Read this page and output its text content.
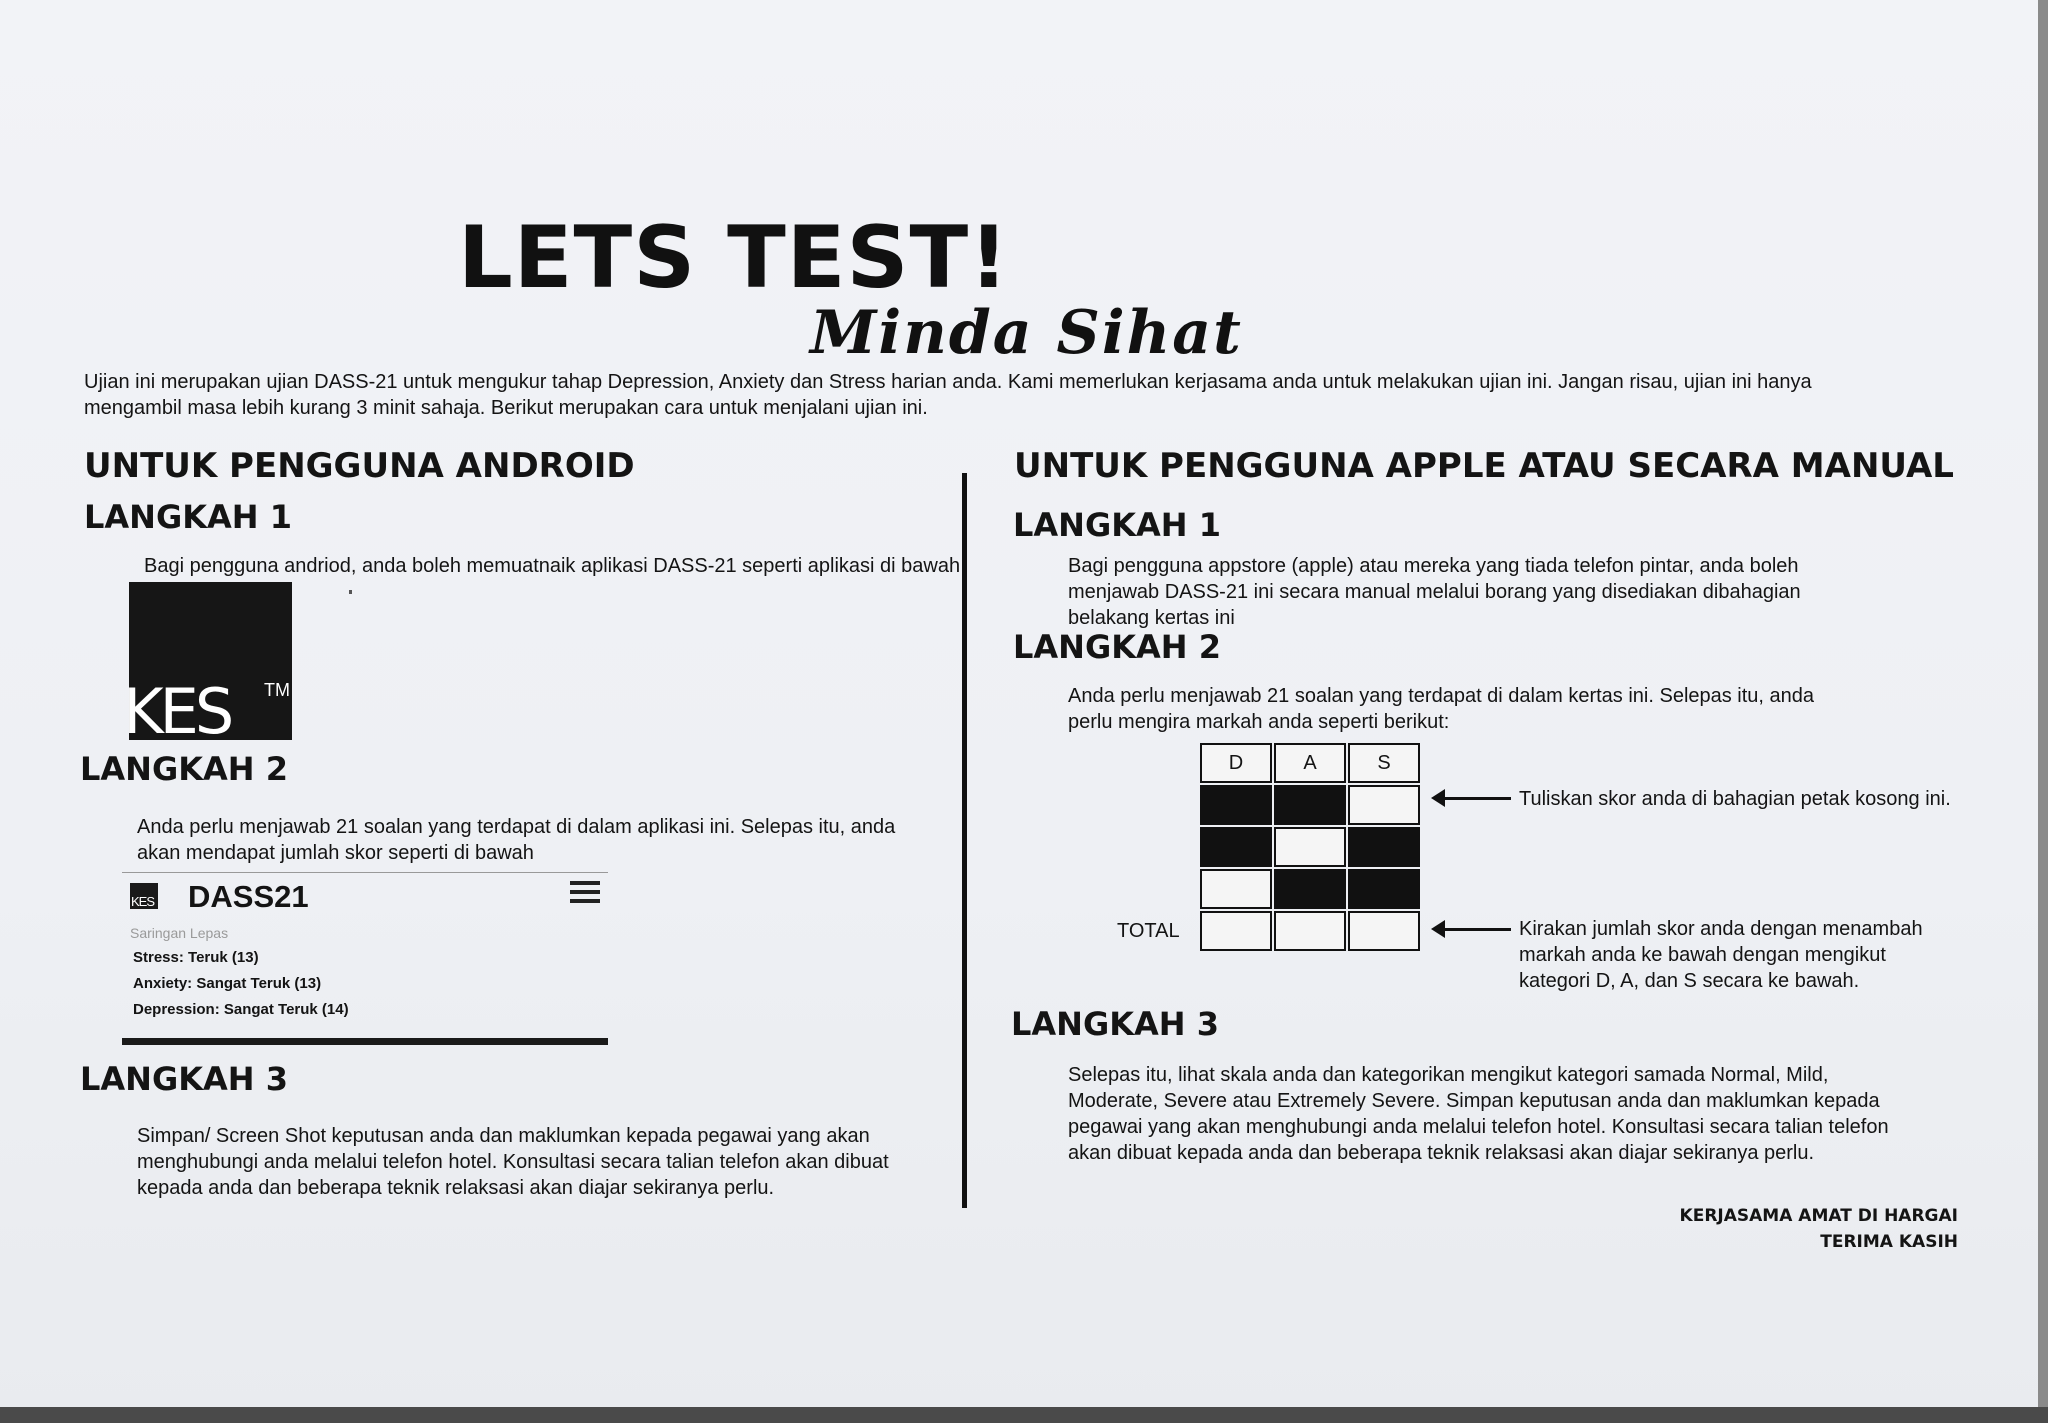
LETS TEST!
Minda Sihat
Ujian ini merupakan ujian DASS-21 untuk mengukur tahap Depression, Anxiety dan Stress harian anda. Kami memerlukan kerjasama anda untuk melakukan ujian ini. Jangan risau, ujian ini hanya mengambil masa lebih kurang 3 minit sahaja. Berikut merupakan cara untuk menjalani ujian ini.
UNTUK PENGGUNA ANDROID
LANGKAH 1
Bagi pengguna andriod, anda boleh memuatnaik aplikasi DASS-21 seperti aplikasi di bawah
KES TM
LANGKAH 2
Anda perlu menjawab 21 soalan yang terdapat di dalam aplikasi ini. Selepas itu, anda akan mendapat jumlah skor seperti di bawah
KES DASS21
Saringan Lepas
Stress: Teruk (13)
Anxiety: Sangat Teruk (13)
Depression: Sangat Teruk (14)
LANGKAH 3
Simpan/ Screen Shot keputusan anda dan maklumkan kepada pegawai yang akan menghubungi anda melalui telefon hotel. Konsultasi secara talian telefon akan dibuat kepada anda dan beberapa teknik relaksasi akan diajar sekiranya perlu.
UNTUK PENGGUNA APPLE ATAU SECARA MANUAL
LANGKAH 1
Bagi pengguna appstore (apple) atau mereka yang tiada telefon pintar, anda boleh menjawab DASS-21 ini secara manual melalui borang yang disediakan dibahagian belakang kertas ini
LANGKAH 2
Anda perlu menjawab 21 soalan yang terdapat di dalam kertas ini. Selepas itu, anda perlu mengira markah anda seperti berikut:
D	A	S
TOTAL
Tuliskan skor anda di bahagian petak kosong ini.
Kirakan jumlah skor anda dengan menambah markah anda ke bawah dengan mengikut kategori D, A, dan S secara ke bawah.
LANGKAH 3
Selepas itu, lihat skala anda dan kategorikan mengikut kategori samada Normal, Mild, Moderate, Severe atau Extremely Severe. Simpan keputusan anda dan maklumkan kepada pegawai yang akan menghubungi anda melalui telefon hotel. Konsultasi secara talian telefon akan dibuat kepada anda dan beberapa teknik relaksasi akan diajar sekiranya perlu.
KERJASAMA AMAT DI HARGAI
TERIMA KASIH
